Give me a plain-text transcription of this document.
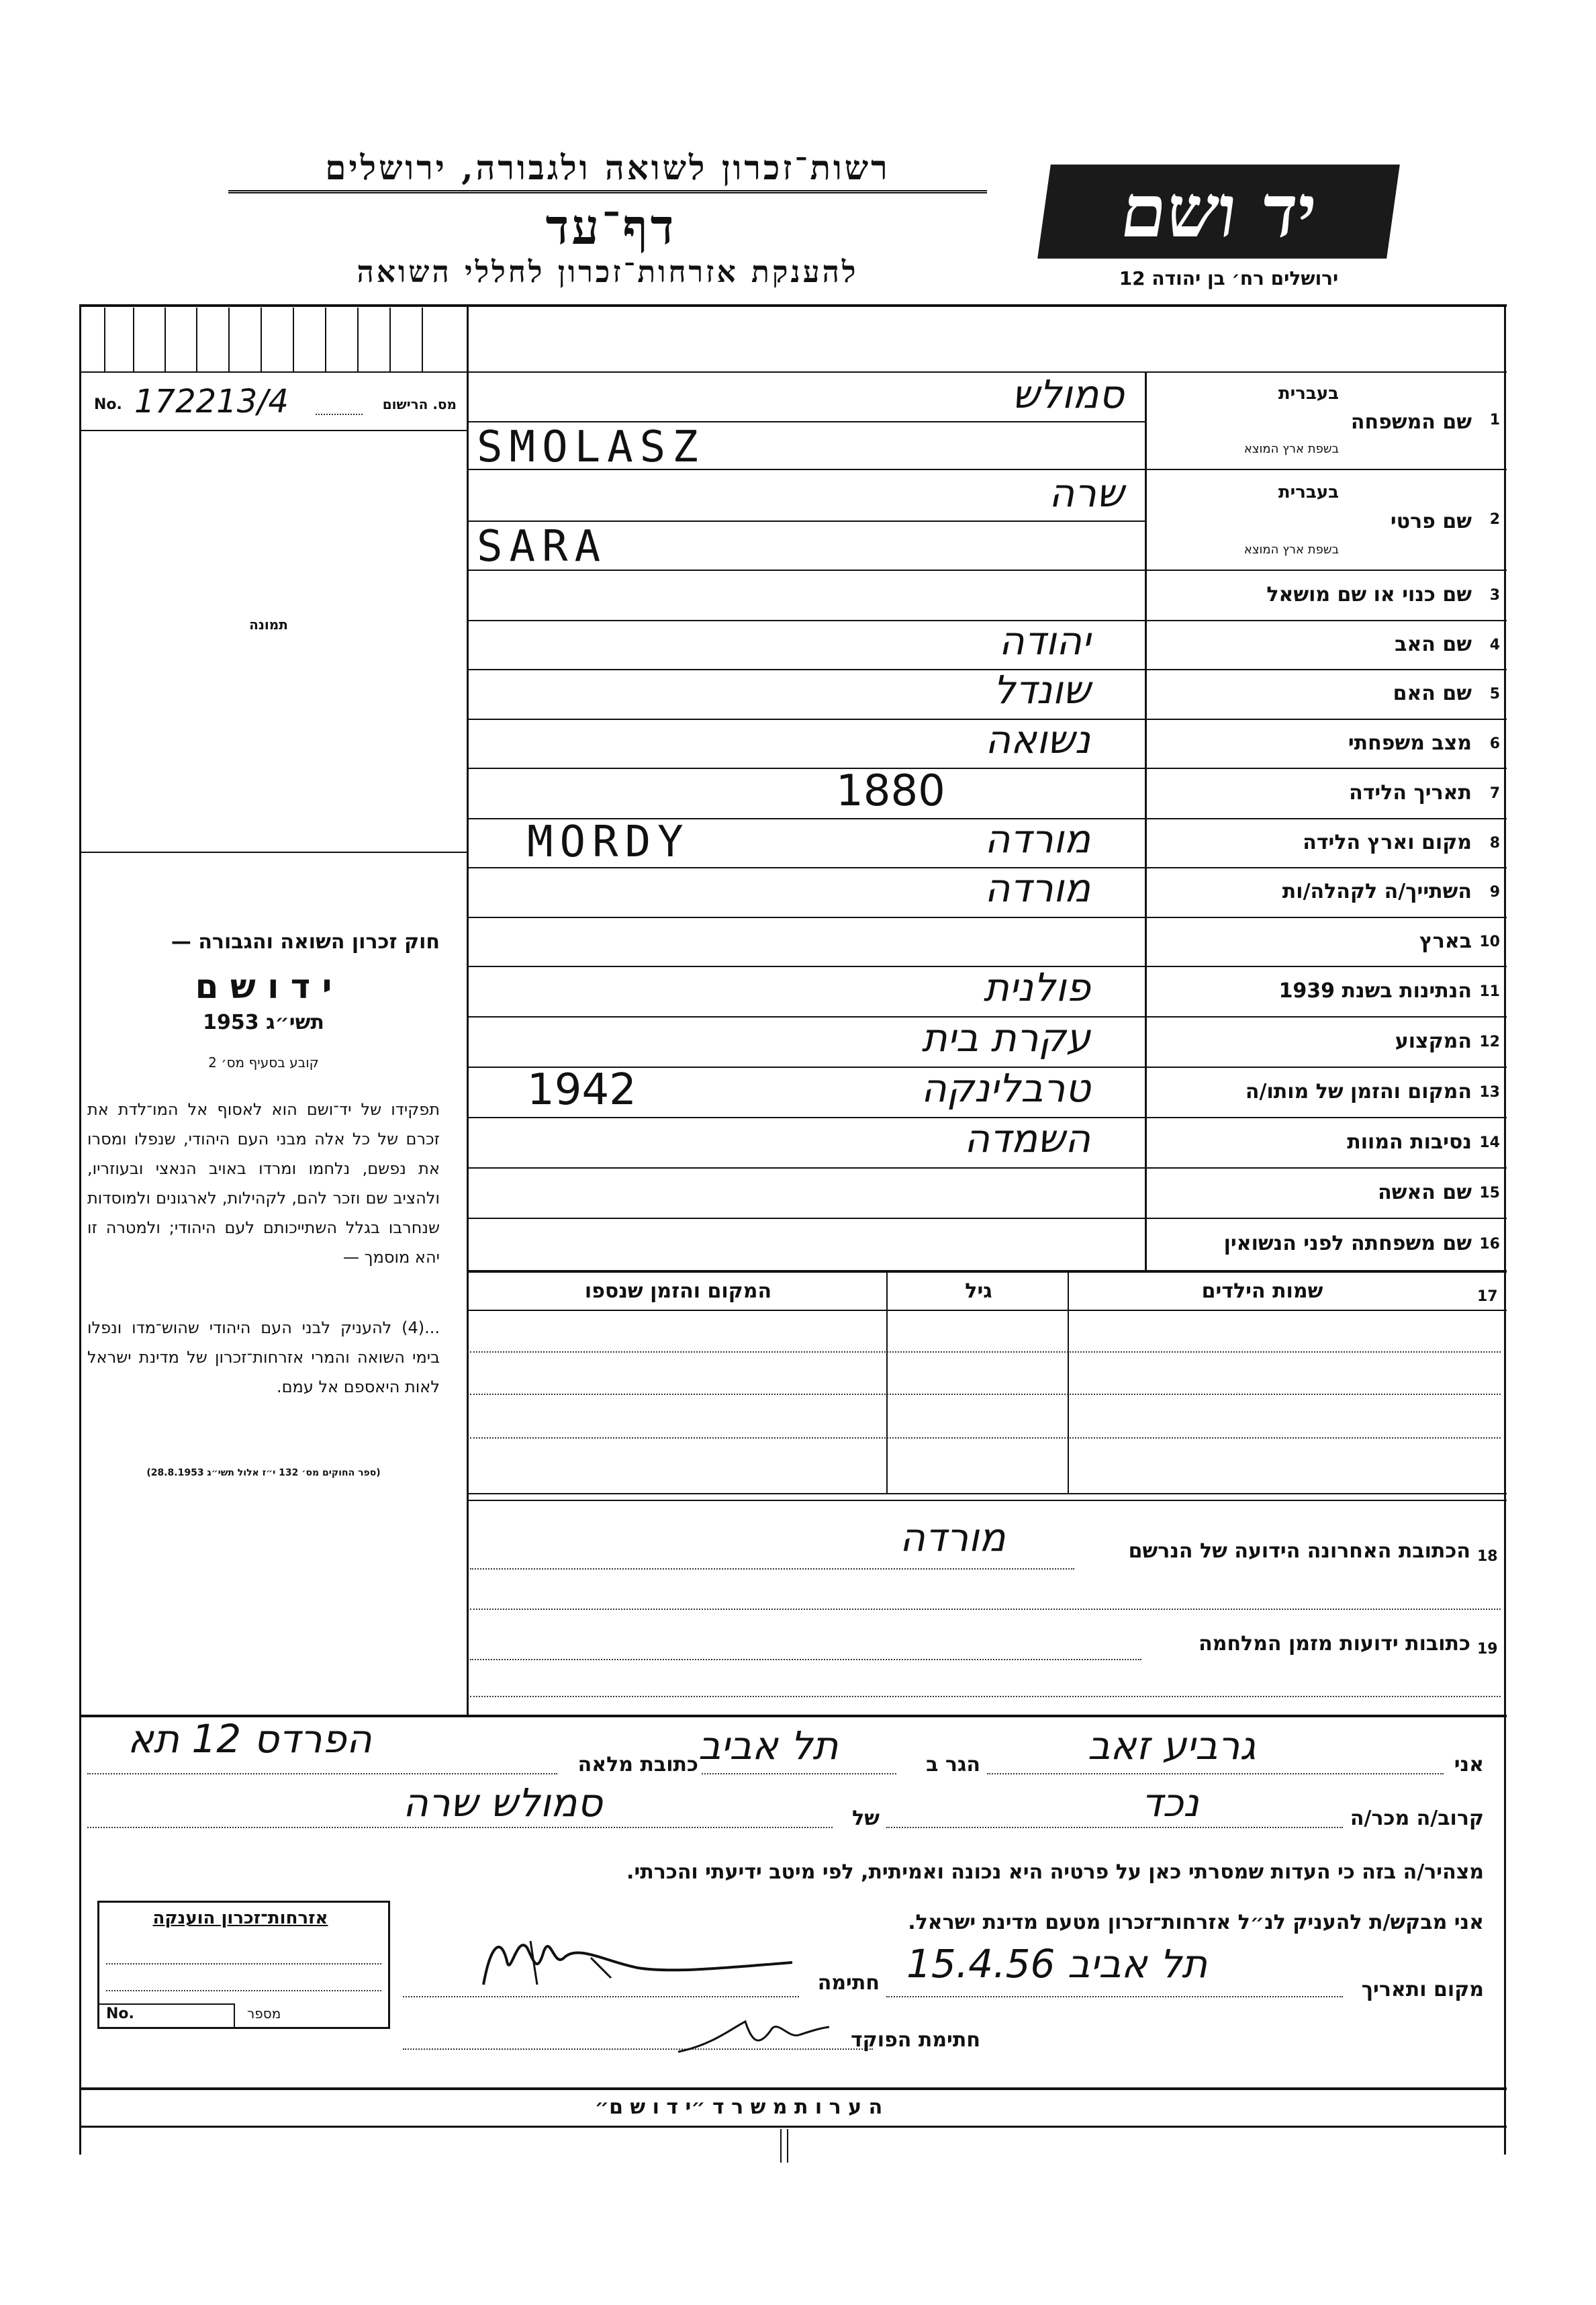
רשות־זכרון לשואה ולגבורה, ירושלים
דף־עד
להענקת אזרחות־זכרון לחללי השואה
יד ושם
ירושלים רח׳ בן יהודה 12
No. 172213/4	מס. הרישום
תמונה
חוק זכרון השואה והגבורה —
י ד ו ש ם
תשי״ג 1953
קובע בסעיף מס׳ 2
תפקידו של יד־ושם הוא לאסוף אל המו־לדת את זכרם של כל אלה מבני העם היהודי, שנפלו ומסרו את נפשם, נלחמו ומרדו באויב הנאצי ובעוזריו, ולהציב שם וזכר להם, לקהילות, לארגונים ולמוסדות שנחרבו בגלל השתייכותם לעם היהודי; ולמטרה זו יהא מוסמך —
...(4) להעניק לבני העם היהודי שהוש־מדו ונפלו בימי השואה והמרי אזרחות־זכרון של מדינת ישראל לאות היאספם אל עמם.
(ספר החוקים מס׳ 132 י״ז אלול תשי״ג 28.8.1953)
1
שם המשפחה
בעברית
בשפת ארץ המוצא
סמולש
SMOLASZ
2
שם פרטי
בעברית
בשפת ארץ המוצא
שרה
SARA
3
שם כנוי או שם מושאל
4
שם האב
יהודה
5
שם האם
שונדל
6
מצב משפחתי
נשואה
7
תאריך הלידה
1880
8
מקום וארץ הלידה
מורדה
MORDY
9
השתייך/ה לקהלה/ות
מורדה
10
בארץ
11
הנתינות בשנת 1939
פולנית
12
המקצוע
עקרת בית
13
המקום והזמן של מותו/ה
טרבלינקה
1942
14
נסיבות המוות
השמדה
15
שם האשה
16
שם משפחתה לפני הנשואין
17
שמות הילדים
גיל
המקום והזמן שנספו
18
הכתובת האחרונה הידועה של הנרשם
מורדה
19
כתובות ידועות מזמן המלחמה
אני
גרביע זאב
הגר ב
תל אביב
כתובת מלאה
הפרדס 12 תא
קרוב/ה מכר/ה
נכד
של
סמולש שרה
מצהיר/ה בזה כי העדות שמסרתי כאן על פרטיה היא נכונה ואמיתית, לפי מיטב ידיעתי והכרתי.
אני מבקש/ת להעניק לנ״ל אזרחות־זכרון מטעם מדינת ישראל.
מקום ותאריך
תל אביב 15.4.56
חתימה
חתימת הפוקד
אזרחות־זכרון הוענקה
No.	מספר
ה ע ר ו ת מ ש ר ד ״י ד ו ש ם״
